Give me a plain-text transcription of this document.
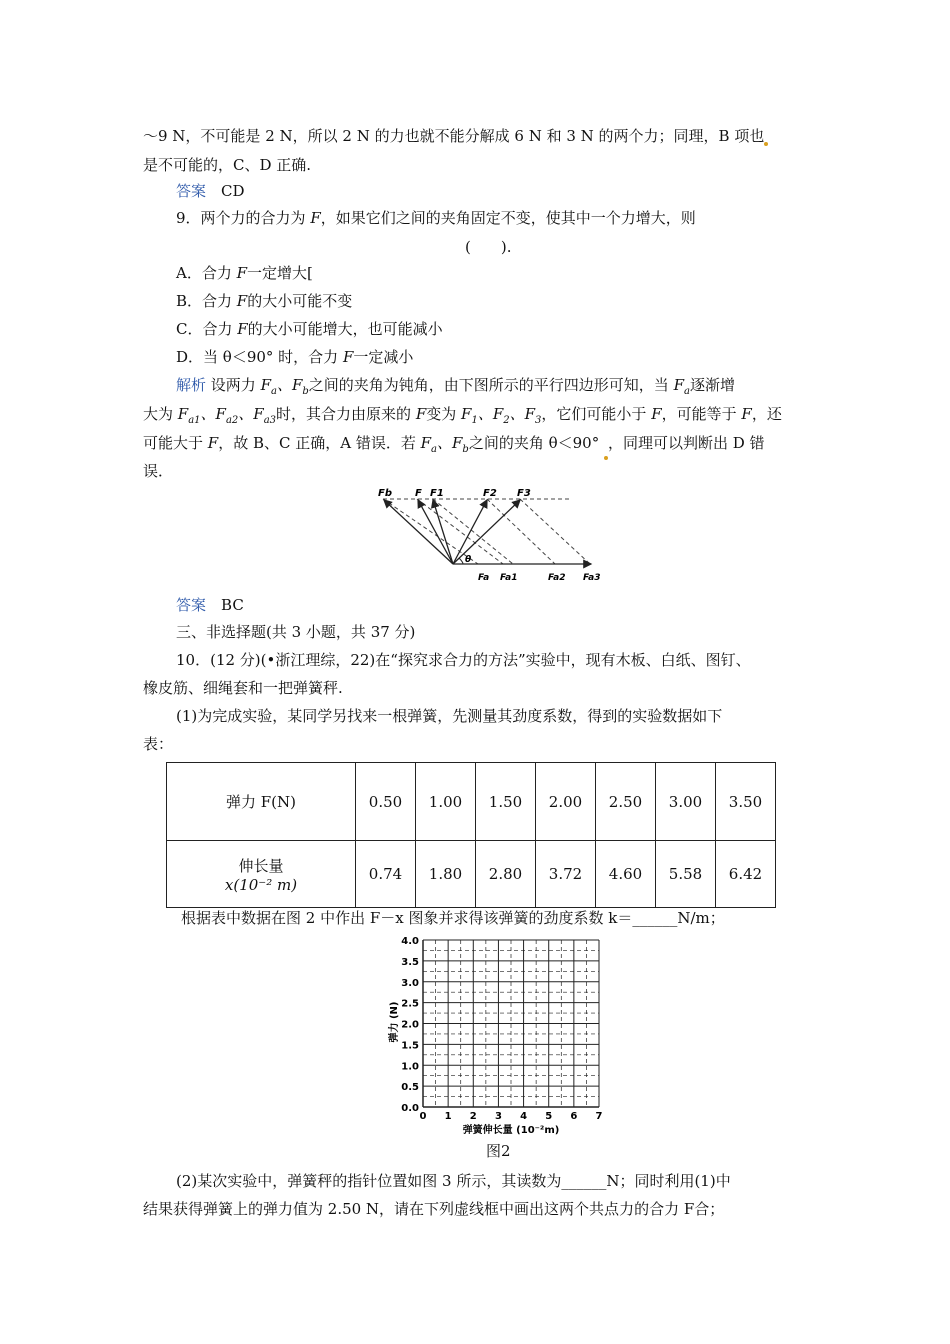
～9 N，不可能是 2 N，所以 2 N 的力也就不能分解成 6 N 和 3 N 的两个力；同理，B 项也
是不可能的，C、D 正确.
答案　 CD
9．两个力的合力为 F，如果它们之间的夹角固定不变，使其中一个力增大，则
(　　).
A．合力 F一定增大[
B．合力 F的大小可能不变
C．合力 F的大小可能增大，也可能减小
D．当 θ＜90° 时，合力 F一定减小
解析 设两力 $F_a$、$F_b$之间的夹角为钝角，由下图所示的平行四边形可知，当 $F_a$逐渐增
大为 $F_{a1}$、$F_{a2}$、$F_{a3}$时，其合力由原来的 F变为 $F_1$、$F_2$、$F_3$，它们可能小于 F，可能等于 F，还
可能大于 F，故 B、C 正确，A 错误．若 $F_a$、$F_b$之间的夹角 θ＜90° ，同理可以判断出 D 错
误．
Fb F F1	F2 F3
θ
Fa Fa1	Fa2 Fa3
答案　 BC
三、非选择题(共 3 小题，共 37 分)
10．(12 分)(•浙江理综，22)在“探究求合力的方法”实验中，现有木板、白纸、图钉、
橡皮筋、细绳套和一把弹簧秤.
(1)为完成实验，某同学另找来一根弹簧，先测量其劲度系数，得到的实验数据如下
表：
弹力 F(N)	0.50	1.00	1.50	2.00	2.50	3.00	3.50

伸长量
x(10⁻² m)	0.74	1.80	2.80	3.72	4.60	5.58	6.42
根据表中数据在图 2 中作出 F－x 图象并求得该弹簧的劲度系数 k＝______N/m；
0 1 2 3 4 5 6 7
0.0
0.5
1.0
1.5
2.0
2.5
3.0
3.5
4.0
弹力 (N)
弹簧伸长量 (10⁻²m)
图2
(2)某次实验中，弹簧秤的指针位置如图 3 所示，其读数为______N；同时利用(1)中
结果获得弹簧上的弹力值为 2.50 N，请在下列虚线框中画出这两个共点力的合力 F合；
